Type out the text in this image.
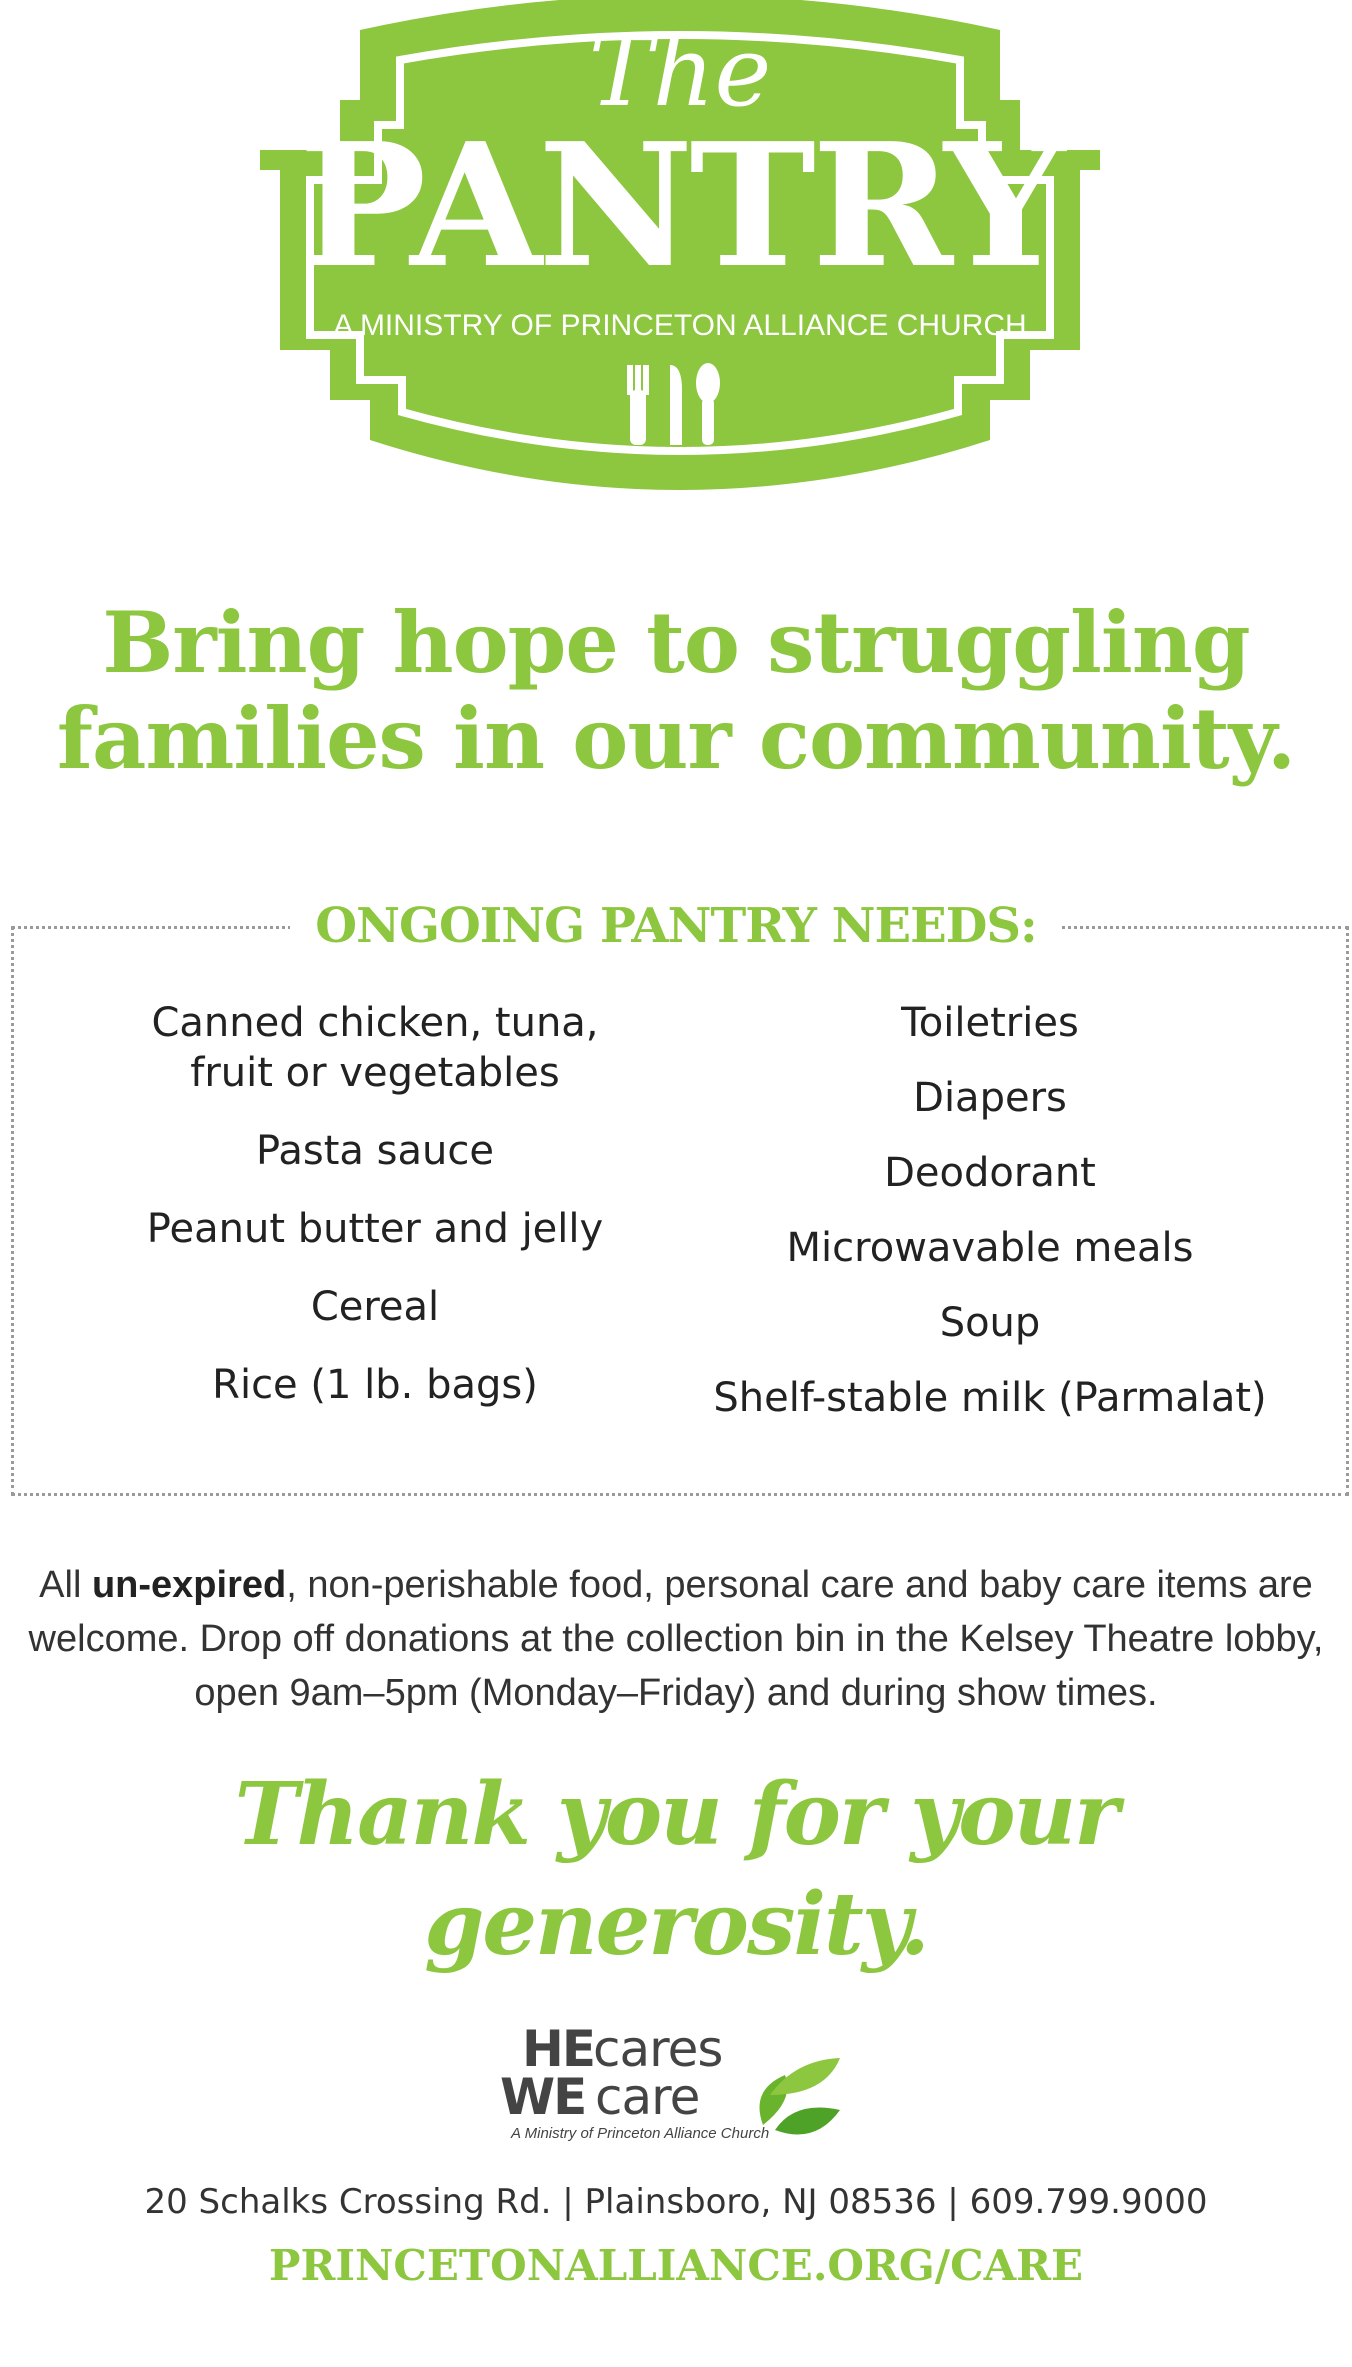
The
PANTRY
A MINISTRY OF PRINCETON ALLIANCE CHURCH
Bring hope to struggling
families in our community.
ONGOING PANTRY NEEDS:
Canned chicken, tuna,
fruit or vegetables
Pasta sauce
Peanut butter and jelly
Cereal
Rice (1 lb. bags)
Toiletries
Diapers
Deodorant
Microwavable meals
Soup
Shelf-stable milk (Parmalat)
All un-expired, non-perishable food, personal care and baby care items are welcome. Drop off donations at the collection bin in the Kelsey Theatre lobby, open 9am–5pm (Monday–Friday) and during show times.
Thank you for your generosity.
HE
cares
WE care
A Ministry of Princeton Alliance Church
20 Schalks Crossing Rd. | Plainsboro, NJ 08536 | 609.799.9000
PRINCETONALLIANCE.ORG/CARE
